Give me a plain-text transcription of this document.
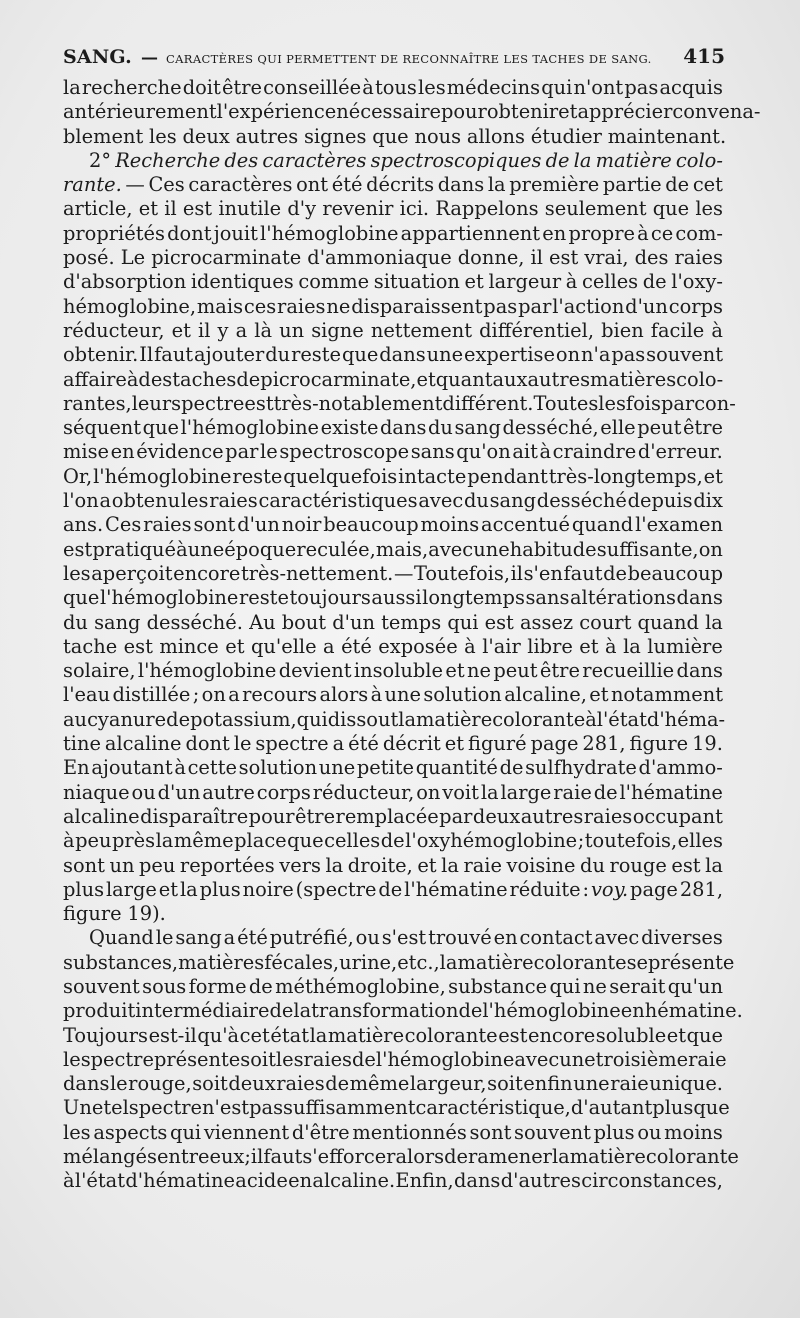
SANG. — CARACTÈRES QUI PERMETTENT DE RECONNAÎTRE LES TACHES DE SANG.	415
la recherche doit être conseillée à tous les médecins qui n'ont pas acquis
antérieurement l'expérience nécessaire pour obtenir et apprécier convena-
blement les deux autres signes que nous allons étudier maintenant.
2° Recherche des caractères spectroscopiques de la matière colo-
rante. — Ces caractères ont été décrits dans la première partie de cet
article, et il est inutile d'y revenir ici. Rappelons seulement que les
propriétés dont jouit l'hémoglobine appartiennent en propre à ce com-
posé. Le picrocarminate d'ammoniaque donne, il est vrai, des raies
d'absorption identiques comme situation et largeur à celles de l'oxy-
hémoglobine, mais ces raies ne disparaissent pas par l'action d'un corps
réducteur, et il y a là un signe nettement différentiel, bien facile à
obtenir. Il faut ajouter du reste que dans une expertise on n'a pas souvent
affaire à des taches de picrocarminate, et quant aux autres matières colo-
rantes, leur spectre est très-notablement différent. Toutes les fois par con-
séquent que l'hémoglobine existe dans du sang desséché, elle peut être
mise en évidence par le spectroscope sans qu'on ait à craindre d'erreur.
Or, l'hémoglobine reste quelquefois intacte pendant très-longtemps, et
l'on a obtenu les raies caractéristiques avec du sang desséché depuis dix
ans. Ces raies sont d'un noir beaucoup moins accentué quand l'examen
est pratiqué à une époque reculée, mais, avec une habitude suffisante, on
les aperçoit encore très-nettement. — Toutefois, il s'en faut de beaucoup
que l'hémoglobine reste toujours aussi longtemps sans altérations dans
du sang desséché. Au bout d'un temps qui est assez court quand la
tache est mince et qu'elle a été exposée à l'air libre et à la lumière
solaire, l'hémoglobine devient insoluble et ne peut être recueillie dans
l'eau distillée ; on a recours alors à une solution alcaline, et notamment
au cyanure de potassium, qui dissout la matière colorante à l'état d'héma-
tine alcaline dont le spectre a été décrit et figuré page 281, figure 19.
En ajoutant à cette solution une petite quantité de sulfhydrate d'ammo-
niaque ou d'un autre corps réducteur, on voit la large raie de l'hématine
alcaline disparaître pour être remplacée par deux autres raies occupant
à peu près la même place que celles de l'oxyhémoglobine ; toutefois, elles
sont un peu reportées vers la droite, et la raie voisine du rouge est la
plus large et la plus noire (spectre de l'hématine réduite : voy. page 281,
figure 19).
Quand le sang a été putréfié, ou s'est trouvé en contact avec diverses
substances, matières fécales, urine, etc., la matière colorante se présente
souvent sous forme de méthémoglobine, substance qui ne serait qu'un
produit intermédiaire de la transformation de l'hémoglobine en hématine.
Toujours est-il qu'à cet état la matière colorante est encore soluble et que
le spectre présente soit les raies de l'hémoglobine avec une troisième raie
dans le rouge, soit deux raies de même largeur, soit enfin une raie unique.
Une tel spectre n'est pas suffisamment caractéristique, d'autant plus que
les aspects qui viennent d'être mentionnés sont souvent plus ou moins
mélangés entre eux ; il faut s'efforcer alors de ramener la matière colorante
à l'état d'hématine acide en alcaline. Enfin, dans d'autres circonstances,
